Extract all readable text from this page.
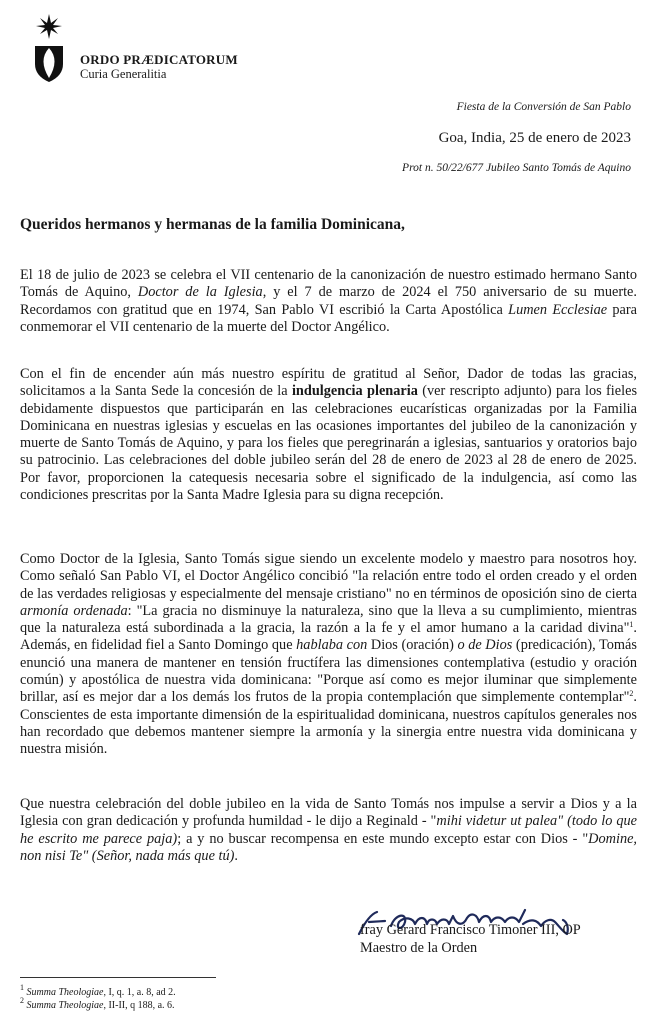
ORDO PRÆDICATORUM
Curia Generalitia
Fiesta de la Conversión de San Pablo
Goa, India, 25 de enero de 2023
Prot n. 50/22/677 Jubileo Santo Tomás de Aquino
Queridos hermanos y hermanas de la familia Dominicana,

El 18 de julio de 2023 se celebra el VII centenario de la canonización de nuestro estimado hermano Santo Tomás de Aquino, Doctor de la Iglesia, y el 7 de marzo de 2024 el 750 aniversario de su muerte. Recordamos con gratitud que en 1974, San Pablo VI escribió la Carta Apostólica Lumen Ecclesiae para conmemorar el VII centenario de la muerte del Doctor Angélico.

Con el fin de encender aún más nuestro espíritu de gratitud al Señor, Dador de todas las gracias, solicitamos a la Santa Sede la concesión de la indulgencia plenaria (ver rescripto adjunto) para los fieles debidamente dispuestos que participarán en las celebraciones eucarísticas organizadas por la Familia Dominicana en nuestras iglesias y escuelas en las ocasiones importantes del jubileo de la canonización y muerte de Santo Tomás de Aquino, y para los fieles que peregrinarán a iglesias, santuarios y oratorios bajo su patrocinio. Las celebraciones del doble jubileo serán del 28 de enero de 2023 al 28 de enero de 2025. Por favor, proporcionen la catequesis necesaria sobre el significado de la indulgencia, así como las condiciones prescritas por la Santa Madre Iglesia para su digna recepción.

Como Doctor de la Iglesia, Santo Tomás sigue siendo un excelente modelo y maestro para nosotros hoy. Como señaló San Pablo VI, el Doctor Angélico concibió "la relación entre todo el orden creado y el orden de las verdades religiosas y especialmente del mensaje cristiano" no en términos de oposición sino de cierta armonía ordenada: "La gracia no disminuye la naturaleza, sino que la lleva a su cumplimiento, mientras que la naturaleza está subordinada a la gracia, la razón a la fe y el amor humano a la caridad divina"$^1$. Además, en fidelidad fiel a Santo Domingo que hablaba con Dios (oración) o de Dios (predicación), Tomás enunció una manera de mantener en tensión fructífera las dimensiones contemplativa (estudio y oración común) y apostólica de nuestra vida dominicana: "Porque así como es mejor iluminar que simplemente brillar, así es mejor dar a los demás los frutos de la propia contemplación que simplemente contemplar"$^2$. Conscientes de esta importante dimensión de la espiritualidad dominicana, nuestros capítulos generales nos han recordado que debemos mantener siempre la armonía y la sinergia entre nuestra vida dominicana y nuestra misión.

Que nuestra celebración del doble jubileo en la vida de Santo Tomás nos impulse a servir a Dios y a la Iglesia con gran dedicación y profunda humildad - le dijo a Reginald - "mihi videtur ut palea" (todo lo que he escrito me parece paja); a y no buscar recompensa en este mundo excepto estar con Dios - "Domine, non nisi Te" (Señor, nada más que tú).

fray Gerard Francisco Timoner III, OP
Maestro de la Orden
$^1$ Summa Theologiae, I, q. 1, a. 8, ad 2.
$^2$ Summa Theologiae, II-II, q 188, a. 6.
